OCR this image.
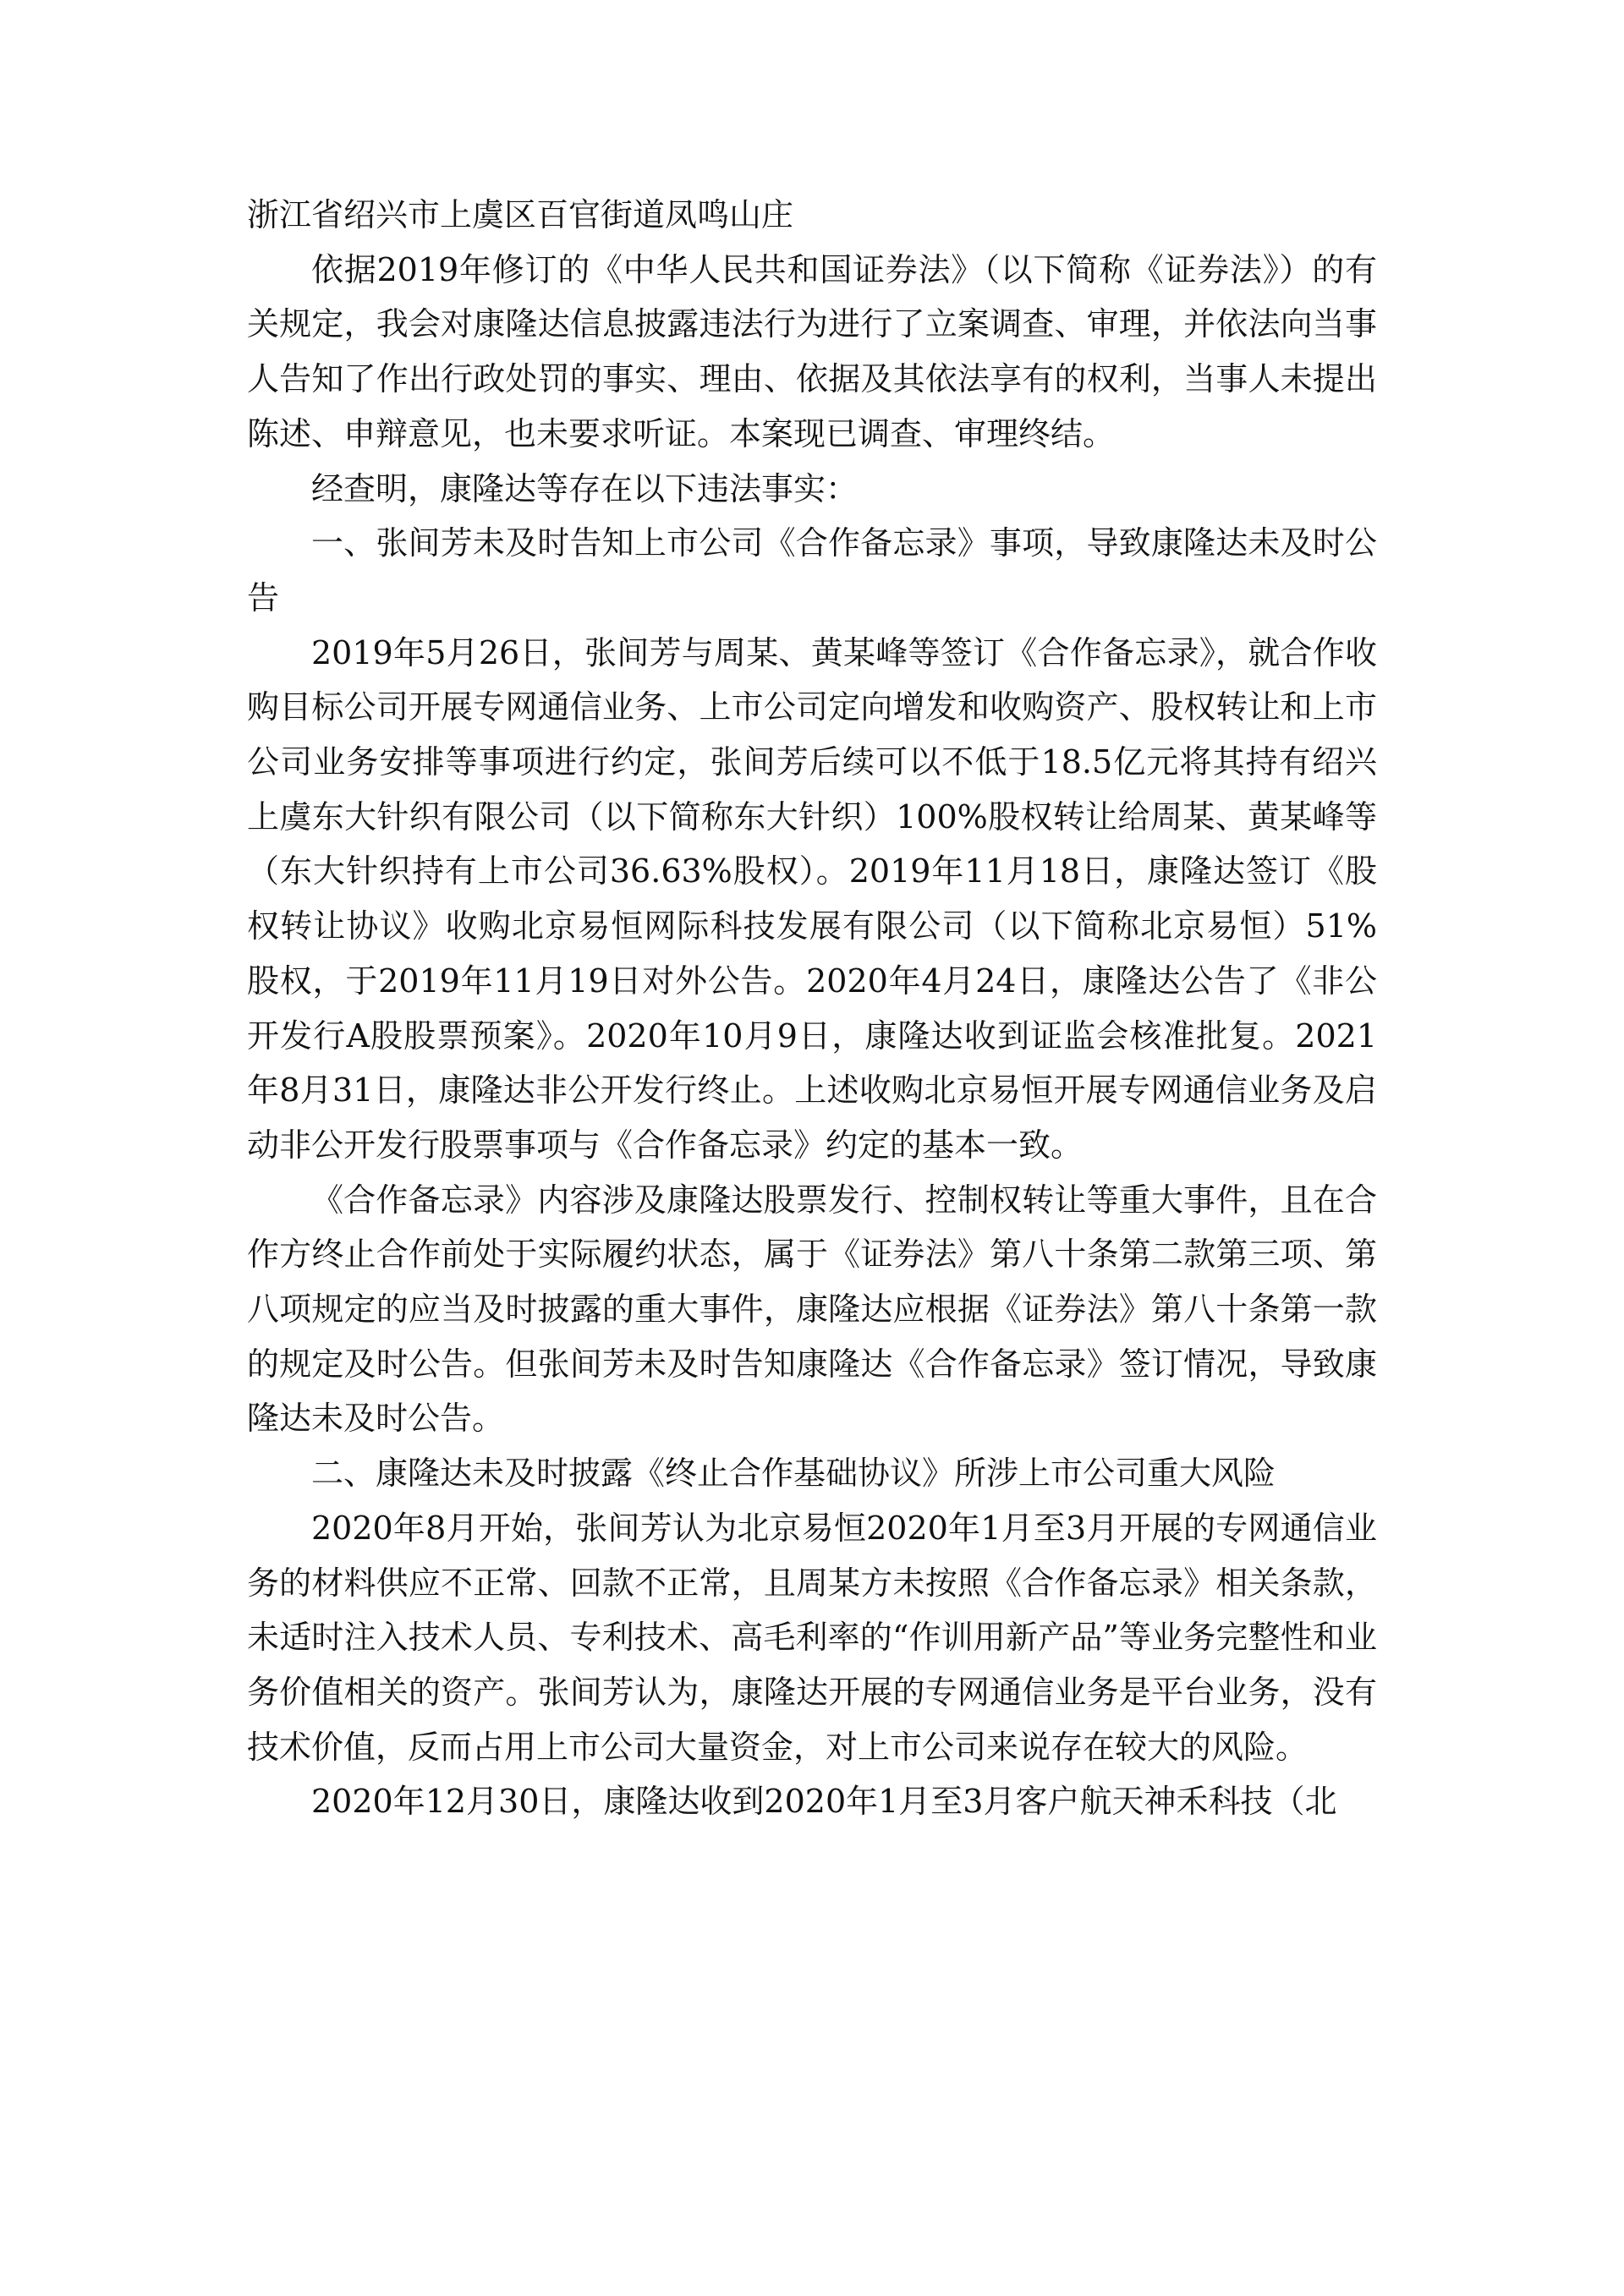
浙江省绍兴市上虞区百官街道凤鸣山庄

依据2019年修订的《中华人民共和国证券法》（以下简称《证券法》）的有关规定，我会对康隆达信息披露违法行为进行了立案调查、审理，并依法向当事人告知了作出行政处罚的事实、理由、依据及其依法享有的权利，当事人未提出陈述、申辩意见，也未要求听证。本案现已调查、审理终结。

经查明，康隆达等存在以下违法事实：

一、张间芳未及时告知上市公司《合作备忘录》事项，导致康隆达未及时公告

2019年5月26日，张间芳与周某、黄某峰等签订《合作备忘录》，就合作收购目标公司开展专网通信业务、上市公司定向增发和收购资产、股权转让和上市公司业务安排等事项进行约定，张间芳后续可以不低于18.5亿元将其持有绍兴上虞东大针织有限公司（以下简称东大针织）100%股权转让给周某、黄某峰等（东大针织持有上市公司36.63%股权）。2019年11月18日，康隆达签订《股权转让协议》收购北京易恒网际科技发展有限公司（以下简称北京易恒）51%股权，于2019年11月19日对外公告。2020年4月24日，康隆达公告了《非公开发行A股股票预案》。2020年10月9日，康隆达收到证监会核准批复。2021年8月31日，康隆达非公开发行终止。上述收购北京易恒开展专网通信业务及启动非公开发行股票事项与《合作备忘录》约定的基本一致。

《合作备忘录》内容涉及康隆达股票发行、控制权转让等重大事件，且在合作方终止合作前处于实际履约状态，属于《证券法》第八十条第二款第三项、第八项规定的应当及时披露的重大事件，康隆达应根据《证券法》第八十条第一款的规定及时公告。但张间芳未及时告知康隆达《合作备忘录》签订情况，导致康隆达未及时公告。

二、康隆达未及时披露《终止合作基础协议》所涉上市公司重大风险

2020年8月开始，张间芳认为北京易恒2020年1月至3月开展的专网通信业务的材料供应不正常、回款不正常，且周某方未按照《合作备忘录》相关条款，未适时注入技术人员、专利技术、高毛利率的“作训用新产品”等业务完整性和业务价值相关的资产。张间芳认为，康隆达开展的专网通信业务是平台业务，没有技术价值，反而占用上市公司大量资金，对上市公司来说存在较大的风险。

2020年12月30日，康隆达收到2020年1月至3月客户航天神禾科技（北
